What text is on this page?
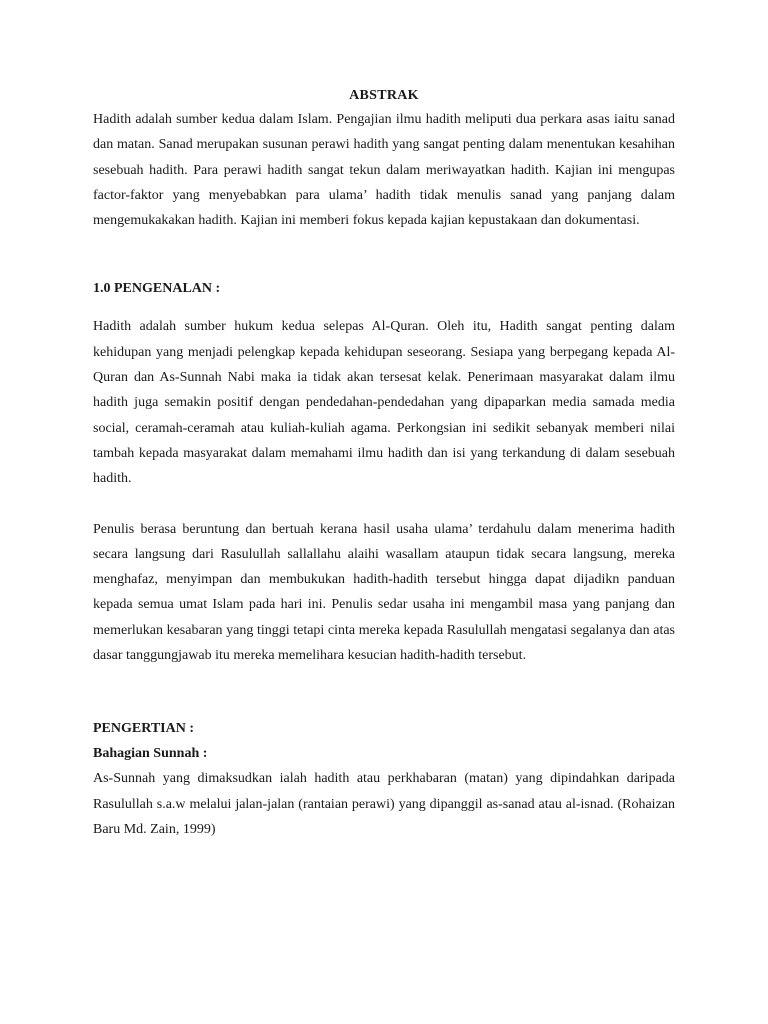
ABSTRAK

Hadith adalah sumber kedua dalam Islam. Pengajian ilmu hadith meliputi dua perkara asas iaitu sanad dan matan. Sanad merupakan susunan perawi hadith yang sangat penting dalam menentukan kesahihan sesebuah hadith. Para perawi hadith sangat tekun dalam meriwayatkan hadith. Kajian ini mengupas factor-faktor yang menyebabkan para ulama’ hadith tidak menulis sanad yang panjang dalam mengemukakakan hadith. Kajian ini memberi fokus kepada kajian kepustakaan dan dokumentasi.

1.0 PENGENALAN :

Hadith adalah sumber hukum kedua selepas Al-Quran. Oleh itu, Hadith sangat penting dalam kehidupan yang menjadi pelengkap kepada kehidupan seseorang. Sesiapa yang berpegang kepada Al-Quran dan As-Sunnah Nabi maka ia tidak akan tersesat kelak. Penerimaan masyarakat dalam ilmu hadith juga semakin positif dengan pendedahan-pendedahan yang dipaparkan media samada media social, ceramah-ceramah atau kuliah-kuliah agama. Perkongsian ini sedikit sebanyak memberi nilai tambah kepada masyarakat dalam memahami ilmu hadith dan isi yang terkandung di dalam sesebuah hadith.

Penulis berasa beruntung dan bertuah kerana hasil usaha ulama’ terdahulu dalam menerima hadith secara langsung dari Rasulullah sallallahu alaihi wasallam ataupun tidak secara langsung, mereka menghafaz, menyimpan dan membukukan hadith-hadith tersebut hingga dapat dijadikn panduan kepada semua umat Islam pada hari ini. Penulis sedar usaha ini mengambil masa yang panjang dan memerlukan kesabaran yang tinggi tetapi cinta mereka kepada Rasulullah mengatasi segalanya dan atas dasar tanggungjawab itu mereka memelihara kesucian hadith-hadith tersebut.

PENGERTIAN :
Bahagian Sunnah :

As-Sunnah yang dimaksudkan ialah hadith atau perkhabaran (matan) yang dipindahkan daripada Rasulullah s.a.w melalui jalan-jalan (rantaian perawi) yang dipanggil as-sanad atau al-isnad. (Rohaizan Baru Md. Zain, 1999)
